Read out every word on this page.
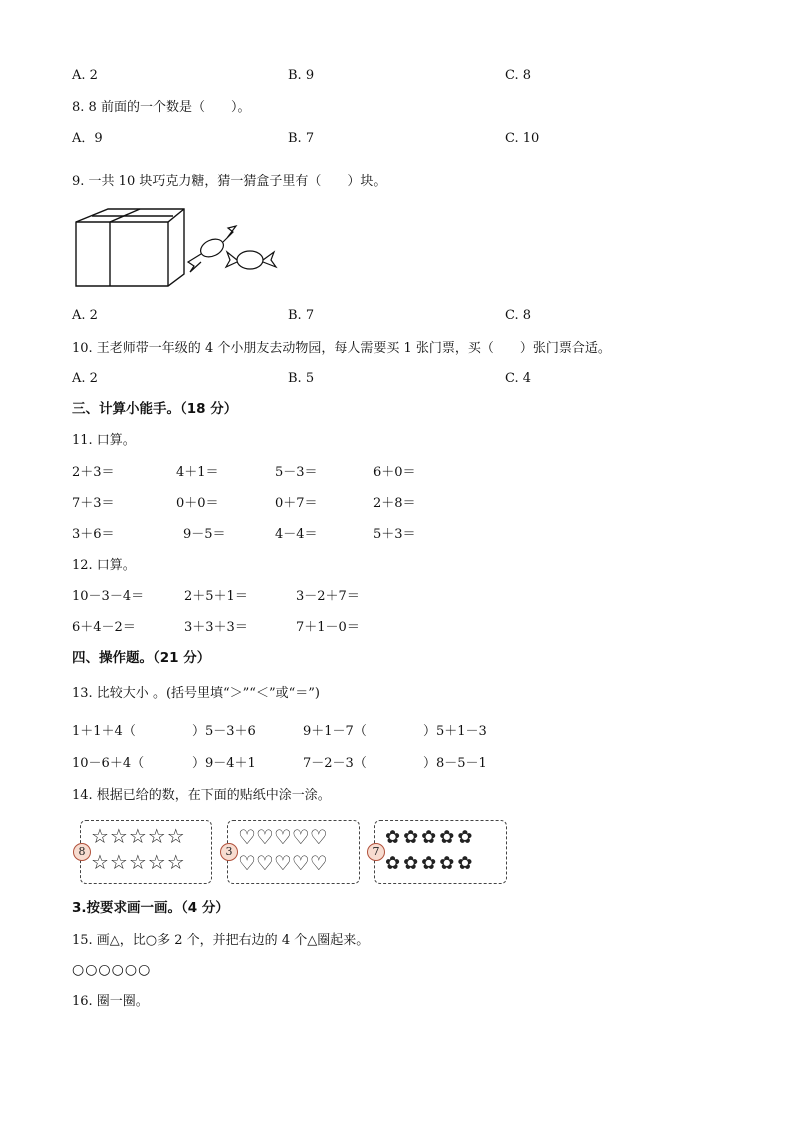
A. 2	B. 9	C. 8
8. 8 前面的一个数是（　　）。
A．9	B. 7	C. 10
9. 一共 10 块巧克力糖，猜一猜盒子里有（　　）块。
A. 2	B. 7	C. 8
10. 王老师带一年级的 4 个小朋友去动物园，每人需要买 1 张门票，买（　　）张门票合适。
A. 2	B. 5	C. 4
三、计算小能手。（18 分）
11. 口算。
2＋3＝	4＋1＝	5－3＝	6＋0＝
7＋3＝	0＋0＝	0＋7＝	2＋8＝
3＋6＝	9－5＝	4－4＝	5＋3＝
12. 口算。
10－3－4＝	2＋5＋1＝	3－2＋7＝
6＋4－2＝	3＋3＋3＝	7＋1－0＝
四、操作题。（21 分）
13. 比较大小 。(括号里填“＞”“＜”或“＝”)
1＋1＋4（	）5－3＋6	9＋1－7（	）5＋1－3
10－6＋4（	）9－4＋1	7－2－3（	）8－5－1
14. 根据已给的数，在下面的贴纸中涂一涂。
8
☆☆☆☆☆
☆☆☆☆☆	3
♡♡♡♡♡
♡♡♡♡♡	7
✿✿✿✿✿
✿✿✿✿✿
3.按要求画一画。（4 分）
15. 画△，比○多 2 个，并把右边的 4 个△圈起来。
○○○○○○
16. 圈一圈。
